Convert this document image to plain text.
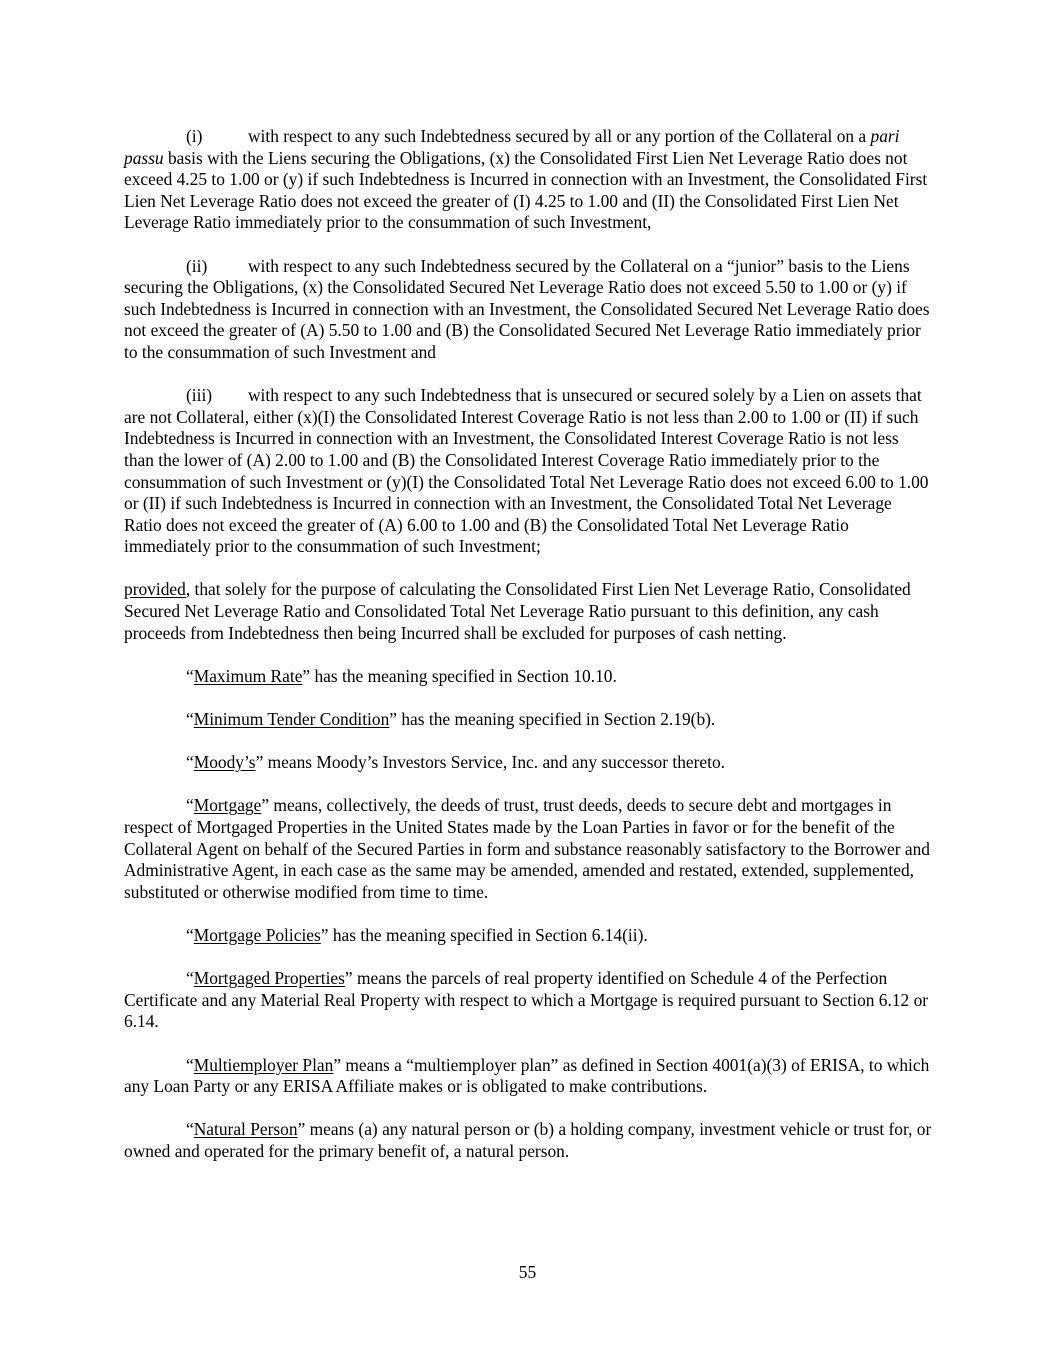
(i)	with respect to any such Indebtedness secured by all or any portion of the Collateral on a pari passu basis with the Liens securing the Obligations, (x) the Consolidated First Lien Net Leverage Ratio does not exceed 4.25 to 1.00 or (y) if such Indebtedness is Incurred in connection with an Investment, the Consolidated First Lien Net Leverage Ratio does not exceed the greater of (I) 4.25 to 1.00 and (II) the Consolidated First Lien Net Leverage Ratio immediately prior to the consummation of such Investment,

(ii) with respect to any such Indebtedness secured by the Collateral on a “junior” basis to the Liens securing the Obligations, (x) the Consolidated Secured Net Leverage Ratio does not exceed 5.50 to 1.00 or (y) if such Indebtedness is Incurred in connection with an Investment, the Consolidated Secured Net Leverage Ratio does not exceed the greater of (A) 5.50 to 1.00 and (B) the Consolidated Secured Net Leverage Ratio immediately prior to the consummation of such Investment and

(iii) with respect to any such Indebtedness that is unsecured or secured solely by a Lien on assets that are not Collateral, either (x)(I) the Consolidated Interest Coverage Ratio is not less than 2.00 to 1.00 or (II) if such Indebtedness is Incurred in connection with an Investment, the Consolidated Interest Coverage Ratio is not less than the lower of (A) 2.00 to 1.00 and (B) the Consolidated Interest Coverage Ratio immediately prior to the consummation of such Investment or (y)(I) the Consolidated Total Net Leverage Ratio does not exceed 6.00 to 1.00 or (II) if such Indebtedness is Incurred in connection with an Investment, the Consolidated Total Net Leverage Ratio does not exceed the greater of (A) 6.00 to 1.00 and (B) the Consolidated Total Net Leverage Ratio immediately prior to the consummation of such Investment;

provided, that solely for the purpose of calculating the Consolidated First Lien Net Leverage Ratio, Consolidated Secured Net Leverage Ratio and Consolidated Total Net Leverage Ratio pursuant to this definition, any cash proceeds from Indebtedness then being Incurred shall be excluded for purposes of cash netting.

“Maximum Rate” has the meaning specified in Section 10.10.

“Minimum Tender Condition” has the meaning specified in Section 2.19(b).

“Moody’s” means Moody’s Investors Service, Inc. and any successor thereto.

“Mortgage” means, collectively, the deeds of trust, trust deeds, deeds to secure debt and mortgages in respect of Mortgaged Properties in the United States made by the Loan Parties in favor or for the benefit of the Collateral Agent on behalf of the Secured Parties in form and substance reasonably satisfactory to the Borrower and Administrative Agent, in each case as the same may be amended, amended and restated, extended, supplemented, substituted or otherwise modified from time to time.

“Mortgage Policies” has the meaning specified in Section 6.14(ii).

“Mortgaged Properties” means the parcels of real property identified on Schedule 4 of the Perfection Certificate and any Material Real Property with respect to which a Mortgage is required pursuant to Section 6.12 or 6.14.

“Multiemployer Plan” means a “multiemployer plan” as defined in Section 4001(a)(3) of ERISA, to which any Loan Party or any ERISA Affiliate makes or is obligated to make contributions.

“Natural Person” means (a) any natural person or (b) a holding company, investment vehicle or trust for, or owned and operated for the primary benefit of, a natural person.

55
